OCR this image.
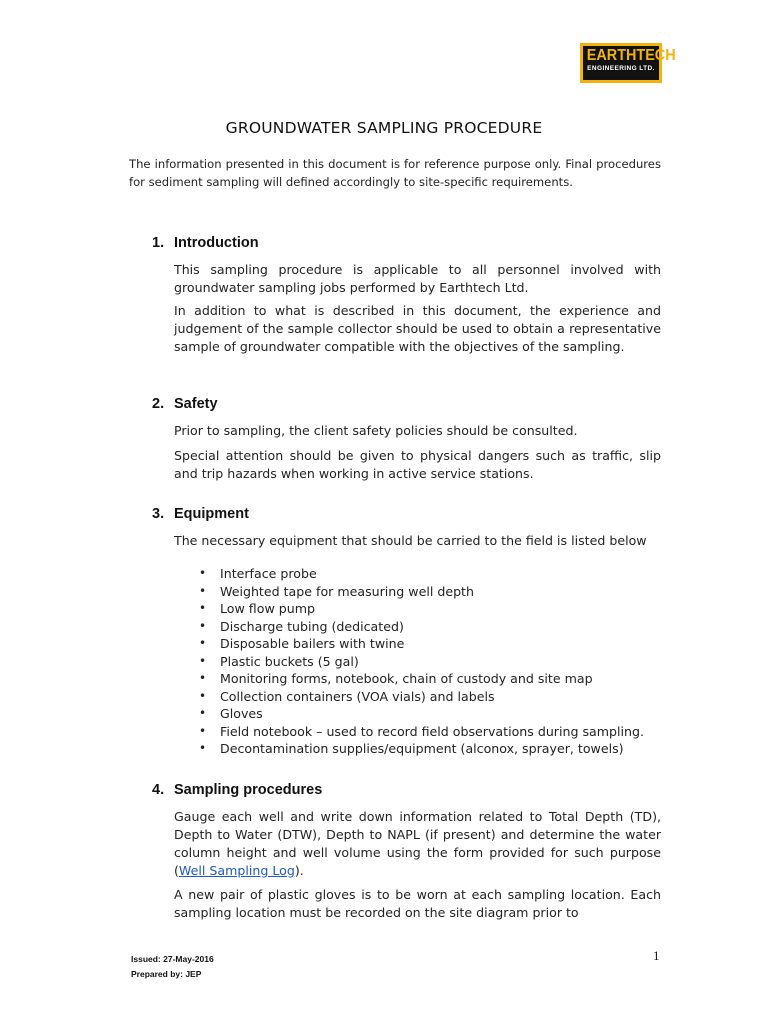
EARTHTECH
ENGINEERING LTD.
GROUNDWATER SAMPLING PROCEDURE
The information presented in this document is for reference purpose only. Final procedures for sediment sampling will defined accordingly to site-specific requirements.
1. Introduction

This sampling procedure is applicable to all personnel involved with groundwater sampling jobs performed by Earthtech Ltd.

In addition to what is described in this document, the experience and judgement of the sample collector should be used to obtain a representative sample of groundwater compatible with the objectives of the sampling.

2. Safety

Prior to sampling, the client safety policies should be consulted.

Special attention should be given to physical dangers such as traffic, slip and trip hazards when working in active service stations.

3. Equipment

The necessary equipment that should be carried to the field is listed below

• Interface probe
• Weighted tape for measuring well depth
• Low flow pump
• Discharge tubing (dedicated)
• Disposable bailers with twine
• Plastic buckets (5 gal)
• Monitoring forms, notebook, chain of custody and site map
• Collection containers (VOA vials) and labels
• Gloves
• Field notebook – used to record field observations during sampling.
• Decontamination supplies/equipment (alconox, sprayer, towels)
4. Sampling procedures

Gauge each well and write down information related to Total Depth (TD), Depth to Water (DTW), Depth to NAPL (if present) and determine the water column height and well volume using the form provided for such purpose (Well Sampling Log).

A new pair of plastic gloves is to be worn at each sampling location. Each sampling location must be recorded on the site diagram prior to

Issued: 27-May-2016
Prepared by: JEP
1
